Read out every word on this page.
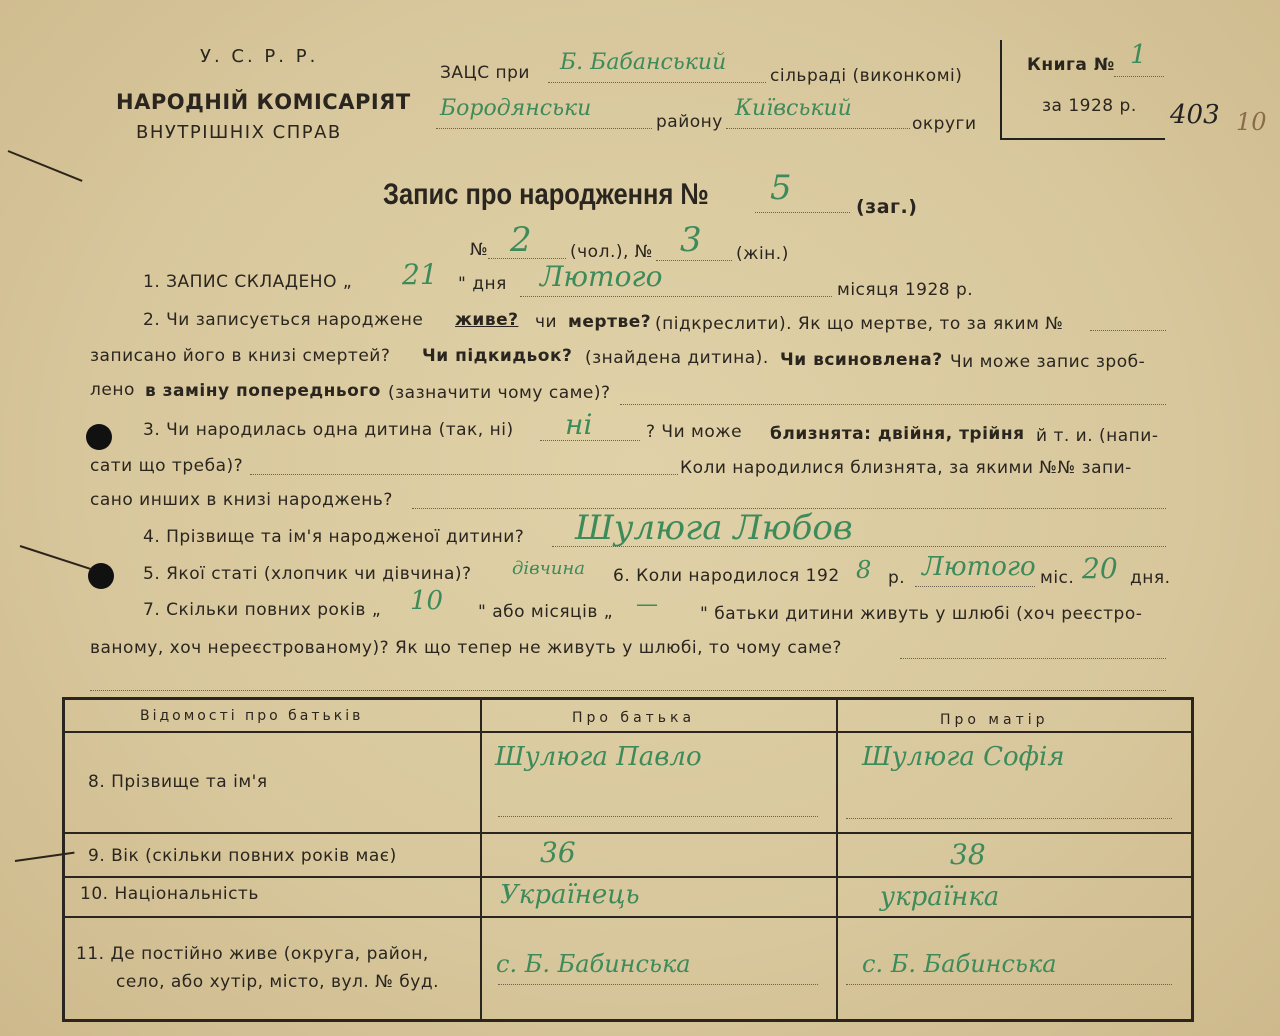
У. С. Р. Р.
НАРОДНІЙ КОМІСАРІЯТ
ВНУТРІШНІХ СПРАВ
ЗАЦС при Б. Бабанський
сільраді (виконкомі)
Бородянськи
району
Київський
округи
Книга № 1
за 1928 р. 403 10
Запис про народження № 5	(заг.)
№ 2 (чол.), № 3 (жін.)
1. ЗАПИС СКЛАДЕНО „ 21 " дня Лютого	місяця 1928 р.
2. Чи записується народжене живе? чи мертве? (підкреслити). Як що мертве, то за яким №
записано його в книзі смертей? Чи підкидьок? (знайдена дитина). Чи всиновлена? Чи може запис зроб-
лено в заміну попереднього (зазначити чому саме)?
3. Чи народилась одна дитина (так, ні) ні	? Чи може близнята: двійня, трійня й т. и. (напи-
сати що треба)?	Коли народилися близнята, за якими №№ запи-
сано инших в книзі народжень?
4. Прізвище та ім'я народженої дитини? Шулюга Любов
5. Якої статі (хлопчик чи дівчина)? дівчина 6. Коли народилося 192 8 р. Лютого міс. 20 дня.
7. Скільки повних років „ 10 " або місяців „ — " батьки дитини живуть у шлюбі (хоч реєстро-
ваному, хоч нереєстрованому)? Як що тепер не живуть у шлюбі, то чому саме?
Відомості про батьків	Про батька	Про матір
8. Прізвище та ім'я
Шулюга Павло	Шулюга Софія
9. Вік (скільки повних років має)	36	38
10. Національність	Українець	українка
11. Де постійно живе (округа, район,
село, або хутір, місто, вул. № буд.
с. Б. Бабинська	с. Б. Бабинська
